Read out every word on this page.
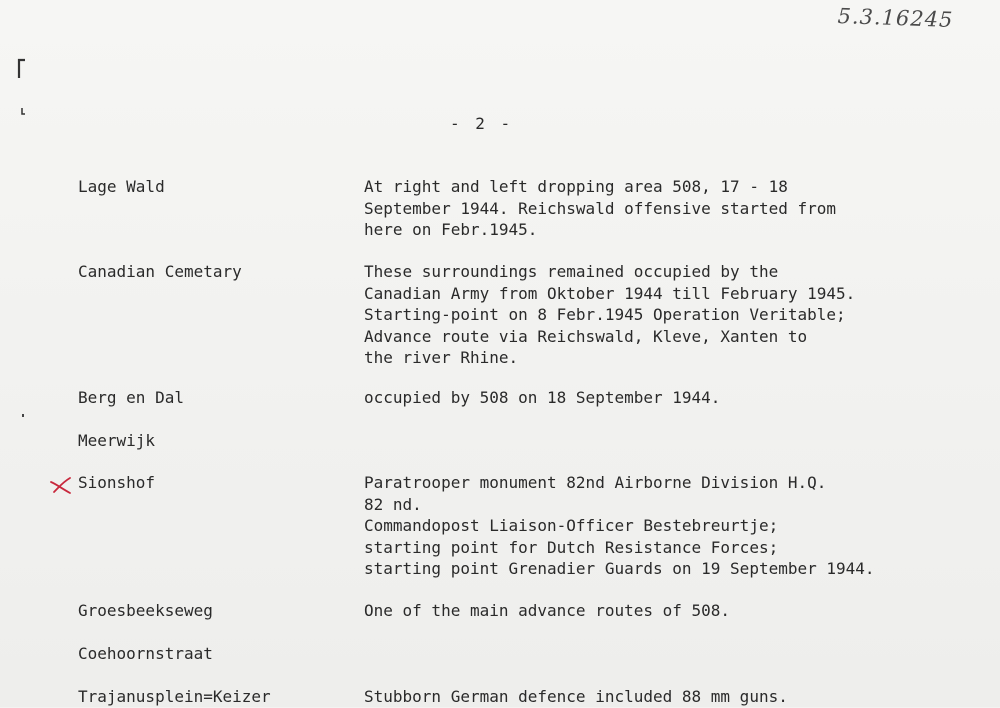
5.3.16245
- 2 -
Lage Wald	At right and left dropping area 508, 17 - 18
September 1944. Reichswald offensive started from
here on Febr.1945.
Canadian Cemetary	These surroundings remained occupied by the
Canadian Army from Oktober 1944 till February 1945.
Starting-point on 8 Febr.1945 Operation Veritable;
Advance route via Reichswald, Kleve, Xanten to
the river Rhine.
Berg en Dal	occupied by 508 on 18 September 1944.
Meerwijk
Sionshof	Paratrooper monument 82nd Airborne Division H.Q.
82 nd.
Commandopost Liaison-Officer Bestebreurtje;
starting point for Dutch Resistance Forces;
starting point Grenadier Guards on 19 September 1944.
Groesbeekseweg	One of the main advance routes of 508.
Coehoornstraat
Trajanusplein=Keizer	Stubborn German defence included 88 mm guns.
